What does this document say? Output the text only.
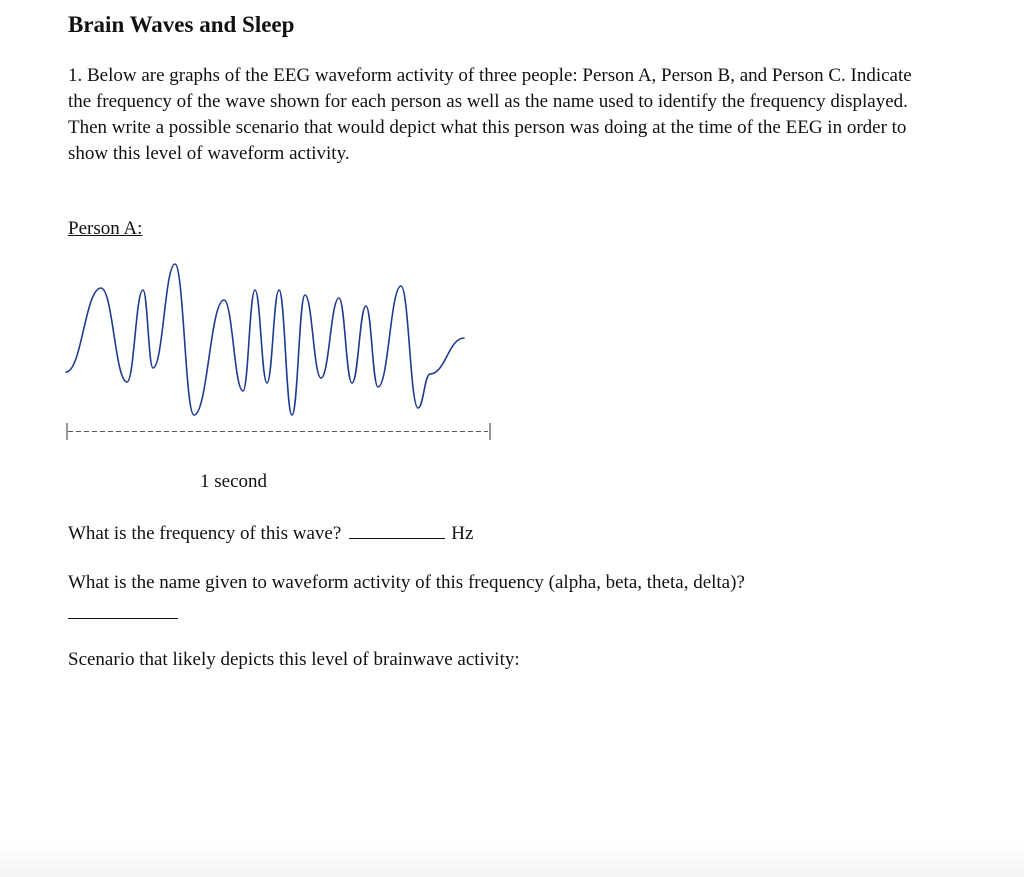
Brain Waves and Sleep

1. Below are graphs of the EEG waveform activity of three people: Person A, Person B, and Person C. Indicate the frequency of the wave shown for each person as well as the name used to identify the frequency displayed. Then write a possible scenario that would depict what this person was doing at the time of the EEG in order to show this level of waveform activity.

Person A:

1 second

What is the frequency of this wave?	Hz

What is the name given to waveform activity of this frequency (alpha, beta, theta, delta)?

Scenario that likely depicts this level of brainwave activity:
